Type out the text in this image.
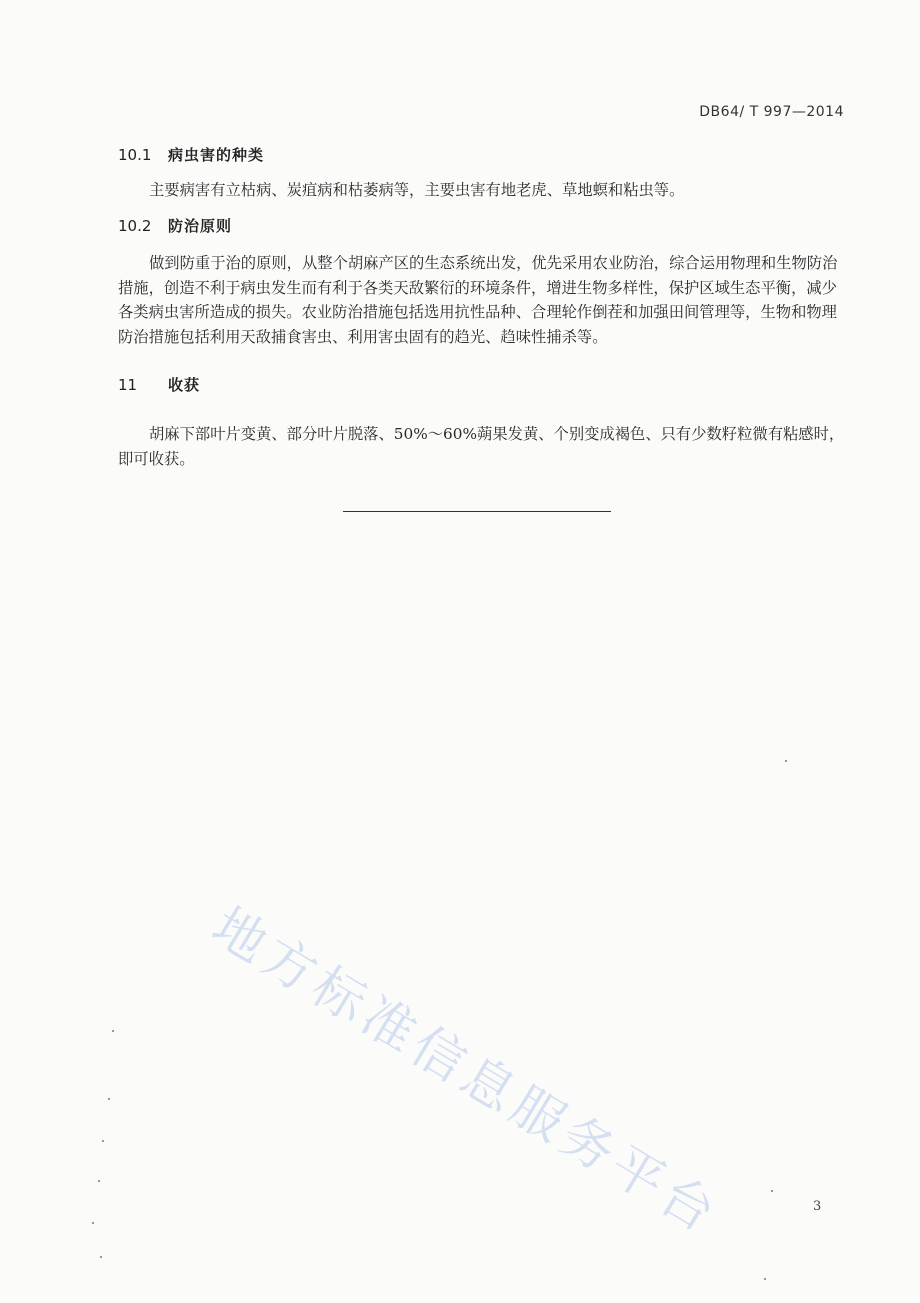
DB64/ T 997—2014
10.1 病虫害的种类

主要病害有立枯病、炭疽病和枯萎病等，主要虫害有地老虎、草地螟和粘虫等。

10.2 防治原则

做到防重于治的原则，从整个胡麻产区的生态系统出发，优先采用农业防治，综合运用物理和生物防治措施，创造不利于病虫发生而有利于各类天敌繁衍的环境条件，增进生物多样性，保护区域生态平衡，减少各类病虫害所造成的损失。农业防治措施包括选用抗性品种、合理轮作倒茬和加强田间管理等，生物和物理防治措施包括利用天敌捕食害虫、利用害虫固有的趋光、趋味性捕杀等。

11 收获

胡麻下部叶片变黄、部分叶片脱落、50%～60%蒴果发黄、个别变成褐色、只有少数籽粒微有粘感时，即可收获。

地方标准信息服务平台	3
